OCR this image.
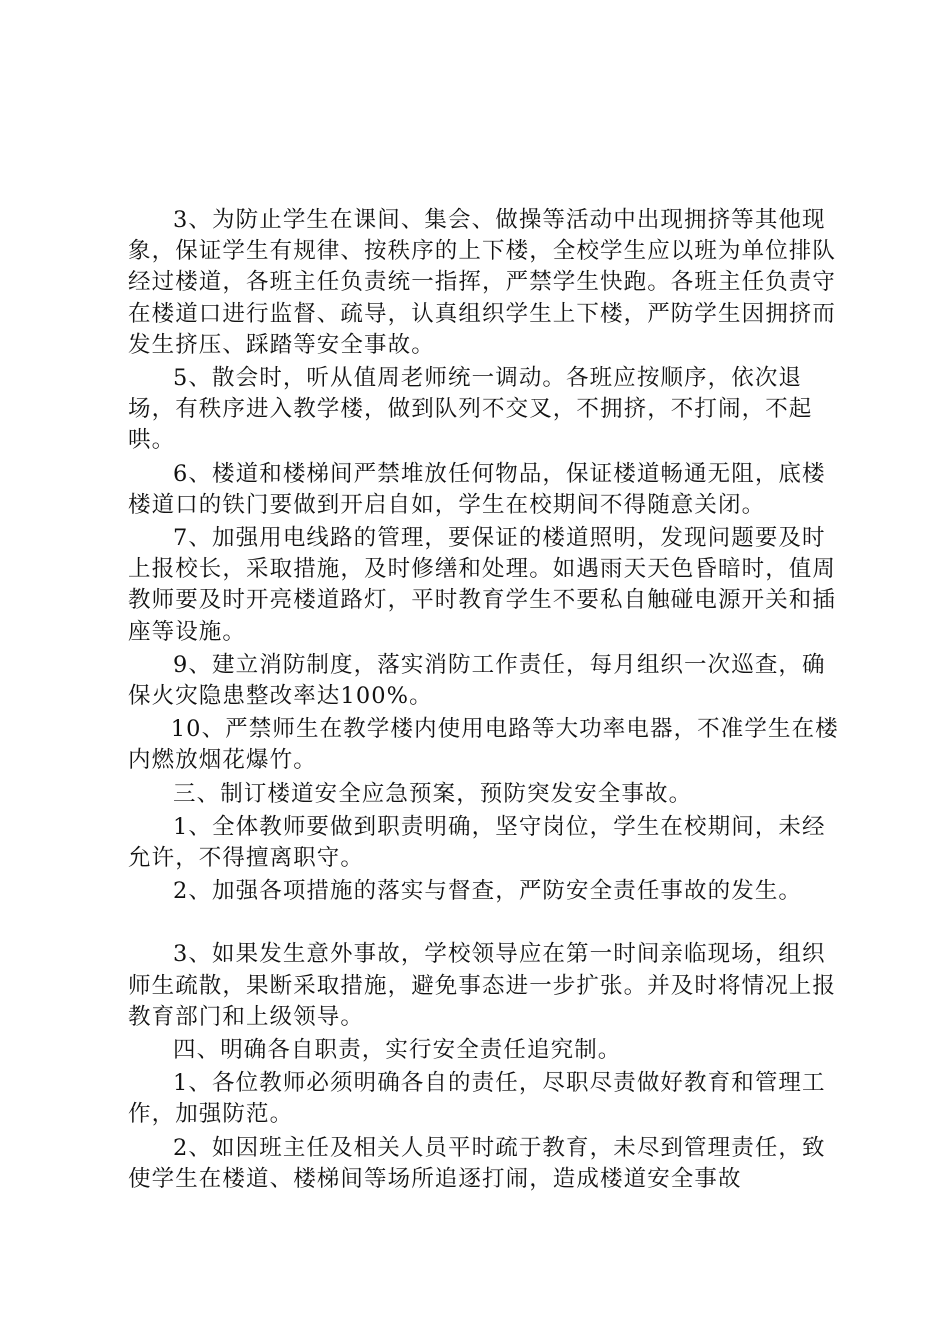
3、为防止学生在课间、集会、做操等活动中出现拥挤等其他现象，保证学生有规律、按秩序的上下楼，全校学生应以班为单位排队经过楼道，各班主任负责统一指挥，严禁学生快跑。各班主任负责守在楼道口进行监督、疏导，认真组织学生上下楼，严防学生因拥挤而发生挤压、踩踏等安全事故。

5、散会时，听从值周老师统一调动。各班应按顺序，依次退场，有秩序进入教学楼，做到队列不交叉，不拥挤，不打闹，不起哄。

6、楼道和楼梯间严禁堆放任何物品，保证楼道畅通无阻，底楼楼道口的铁门要做到开启自如，学生在校期间不得随意关闭。

7、加强用电线路的管理，要保证的楼道照明，发现问题要及时上报校长，采取措施，及时修缮和处理。如遇雨天天色昏暗时，值周教师要及时开亮楼道路灯，平时教育学生不要私自触碰电源开关和插座等设施。

9、建立消防制度，落实消防工作责任，每月组织一次巡查，确保火灾隐患整改率达100%。

10、严禁师生在教学楼内使用电路等大功率电器，不准学生在楼内燃放烟花爆竹。

三、制订楼道安全应急预案，预防突发安全事故。

1、全体教师要做到职责明确，坚守岗位，学生在校期间，未经允许，不得擅离职守。

2、加强各项措施的落实与督查，严防安全责任事故的发生。

3、如果发生意外事故，学校领导应在第一时间亲临现场，组织师生疏散，果断采取措施，避免事态进一步扩张。并及时将情况上报教育部门和上级领导。

四、明确各自职责，实行安全责任追究制。

1、各位教师必须明确各自的责任，尽职尽责做好教育和管理工作，加强防范。

2、如因班主任及相关人员平时疏于教育，未尽到管理责任，致使学生在楼道、楼梯间等场所追逐打闹，造成楼道安全事故
